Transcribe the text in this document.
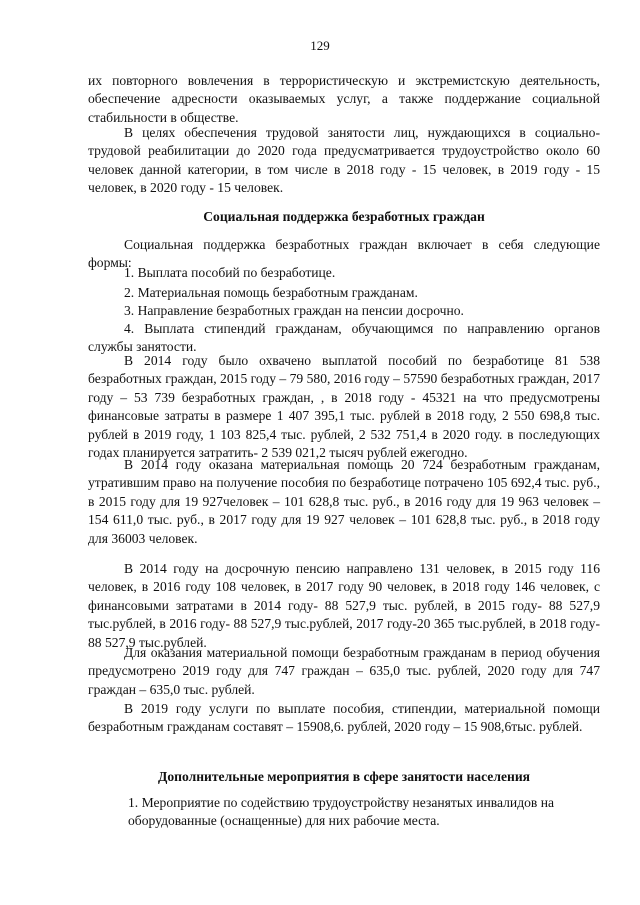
129

их повторного вовлечения в террористическую и экстремистскую деятельность, обеспечение адресности оказываемых услуг, а также поддержание социальной стабильности в обществе.

В целях обеспечения трудовой занятости лиц, нуждающихся в социально-трудовой реабилитации до 2020 года предусматривается трудоустройство около 60 человек данной категории, в том числе в 2018 году - 15 человек, в 2019 году - 15 человек, в 2020 году - 15 человек.

Социальная поддержка безработных граждан

Социальная поддержка безработных граждан включает в себя следующие формы:

1. Выплата пособий по безработице.

2. Материальная помощь безработным гражданам.

3. Направление безработных граждан на пенсии досрочно.

4. Выплата стипендий гражданам, обучающимся по направлению органов службы занятости.

В 2014 году было охвачено выплатой пособий по безработице 81 538 безработных граждан, 2015 году – 79 580, 2016 году – 57590 безработных граждан, 2017 году – 53 739 безработных граждан, , в 2018 году - 45321 на что предусмотрены финансовые затраты в размере 1 407 395,1 тыс. рублей в 2018 году, 2 550 698,8 тыс. рублей в 2019 году, 1 103 825,4 тыс. рублей, 2 532 751,4 в 2020 году. в последующих годах планируется затратить- 2 539 021,2 тысяч рублей ежегодно.

В 2014 году оказана материальная помощь 20 724 безработным гражданам, утратившим право на получение пособия по безработице потрачено 105 692,4 тыс. руб., в 2015 году для 19 927человек – 101 628,8 тыс. руб., в 2016 году для 19 963 человек – 154 611,0 тыс. руб., в 2017 году для 19 927 человек – 101 628,8 тыс. руб., в 2018 году для 36003 человек.

В 2014 году на досрочную пенсию направлено 131 человек, в 2015 году 116 человек, в 2016 году 108 человек, в 2017 году 90 человек, в 2018 году 146 человек, с финансовыми затратами в 2014 году- 88 527,9 тыс. рублей, в 2015 году- 88 527,9 тыс.рублей, в 2016 году- 88 527,9 тыс.рублей, 2017 году-20 365 тыс.рублей, в 2018 году- 88 527,9 тыс.рублей.

Для оказания материальной помощи безработным гражданам в период обучения предусмотрено 2019 году для 747 граждан – 635,0 тыс. рублей, 2020 году для 747 граждан – 635,0 тыс. рублей.

В 2019 году услуги по выплате пособия, стипендии, материальной помощи безработным гражданам составят – 15908,6. рублей, 2020 году – 15 908,6тыс. рублей.

Дополнительные мероприятия в сфере занятости населения

1. Мероприятие по содействию трудоустройству незанятых инвалидов на оборудованные (оснащенные) для них рабочие места.
